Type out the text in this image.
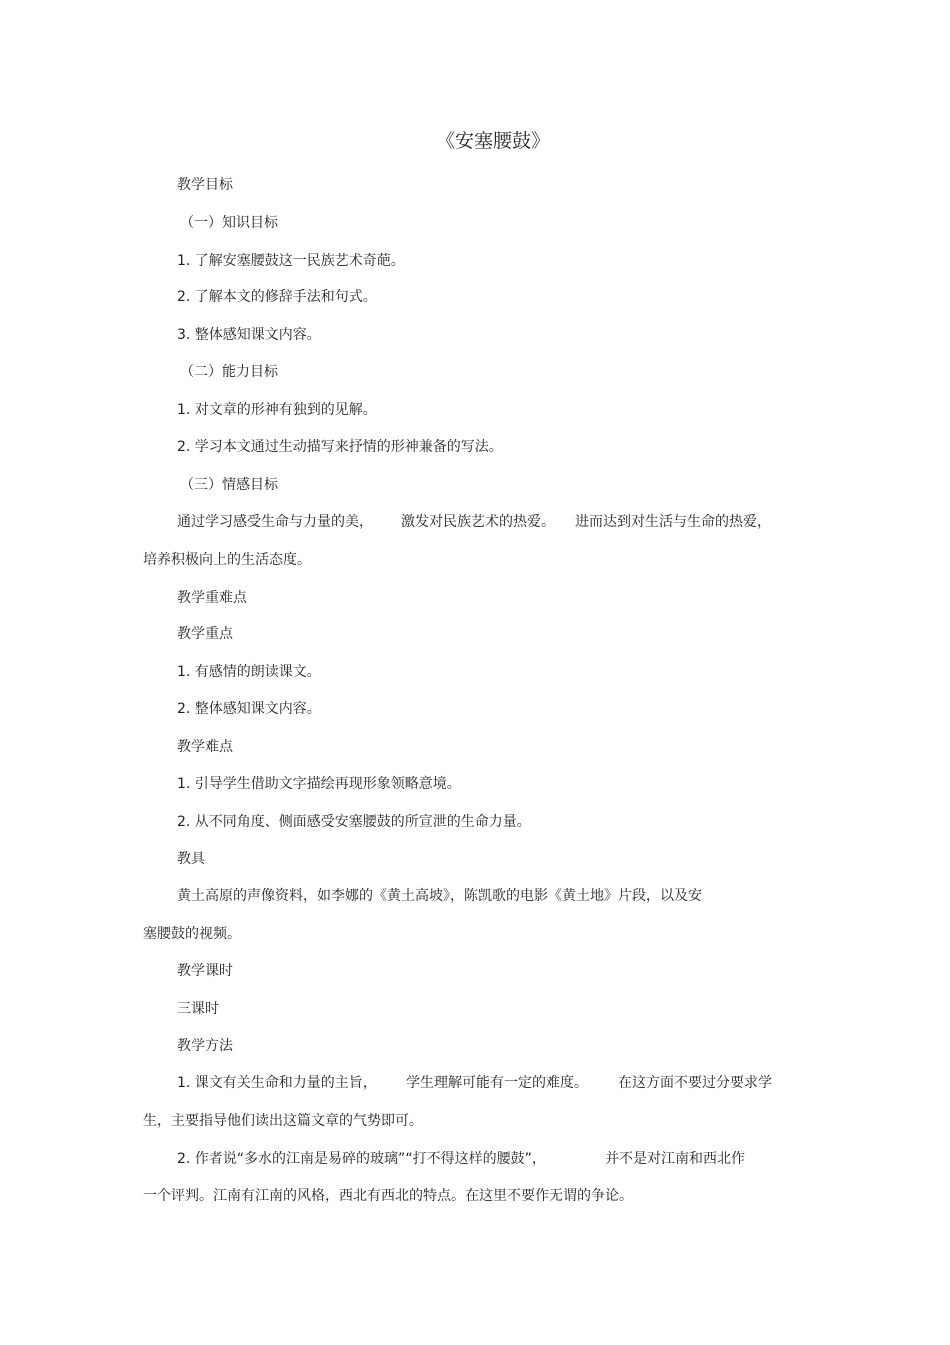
《安塞腰鼓》
教学目标
（一）知识目标
1. 了解安塞腰鼓这一民族艺术奇葩。
2. 了解本文的修辞手法和句式。
3. 整体感知课文内容。
（二）能力目标
1. 对文章的形神有独到的见解。
2. 学习本文通过生动描写来抒情的形神兼备的写法。
（三）情感目标
通过学习感受生命与力量的美， 激发对民族艺术的热爱。 进而达到对生活与生命的热爱，
培养积极向上的生活态度。
教学重难点
教学重点
1. 有感情的朗读课文。
2. 整体感知课文内容。
教学难点
1. 引导学生借助文字描绘再现形象领略意境。
2. 从不同角度、侧面感受安塞腰鼓的所宣泄的生命力量。
教具
黄土高原的声像资料，如李娜的《黄土高坡》，陈凯歌的电影《黄土地》片段，以及安
塞腰鼓的视频。
教学课时
三课时
教学方法
1. 课文有关生命和力量的主旨， 学生理解可能有一定的难度。 在这方面不要过分要求学
生，主要指导他们读出这篇文章的气势即可。
2. 作者说“多水的江南是易碎的玻璃”“打不得这样的腰鼓”，	并不是对江南和西北作
一个评判。江南有江南的风格，西北有西北的特点。在这里不要作无谓的争论。
